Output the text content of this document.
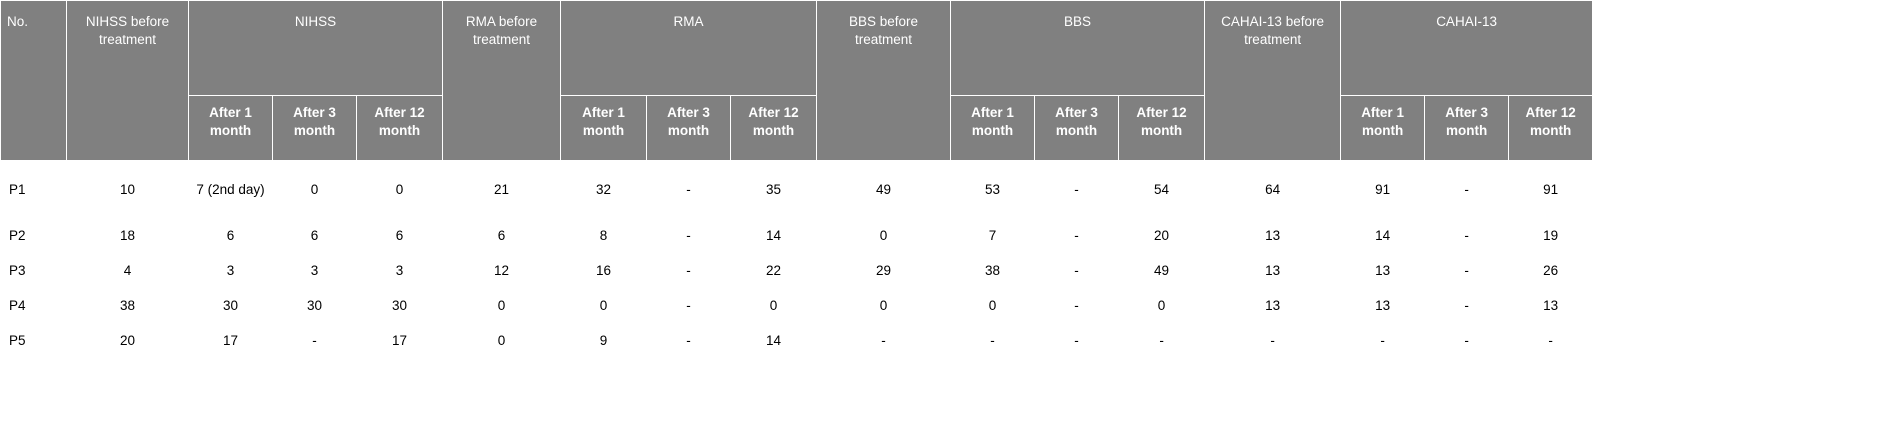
No.	NIHSS before treatment	NIHSS			RMA before treatment	RMA			BBS before treatment	BBS			CAHAI-13 before treatment	CAHAI-13		
		After 1 month	After 3 month	After 12 month		After 1 month	After 3 month	After 12 month		After 1 month	After 3 month	After 12 month		After 1 month	After 3 month	After 12 month
P1	10	7 (2nd day)	0	0	21	32	-	35	49	53	-	54	64	91	-	91
P2	18	6	6	6	6	8	-	14	0	7	-	20	13	14	-	19
P3	4	3	3	3	12	16	-	22	29	38	-	49	13	13	-	26
P4	38	30	30	30	0	0	-	0	0	0	-	0	13	13	-	13
P5	20	17	-	17	0	9	-	14	-	-	-	-	-	-	-	-
